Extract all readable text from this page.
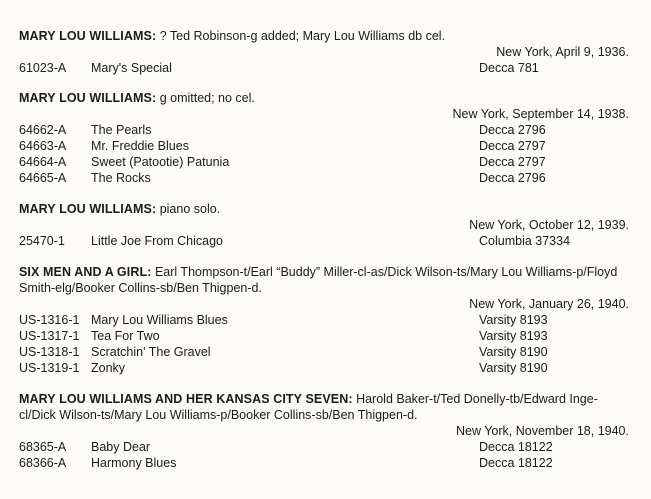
MARY LOU WILLIAMS: ? Ted Robinson-g added; Mary Lou Williams db cel.
New York, April 9, 1936.
61023-A Mary's Special	Decca 781
MARY LOU WILLIAMS: g omitted; no cel.
New York, September 14, 1938.
64662-A The Pearls	Decca 2796
64663-A Mr. Freddie Blues	Decca 2797
64664-A Sweet (Patootie) Patunia	Decca 2797
64665-A The Rocks	Decca 2796
MARY LOU WILLIAMS: piano solo.
New York, October 12, 1939.
25470-1 Little Joe From Chicago	Columbia 37334
SIX MEN AND A GIRL: Earl Thompson-t/Earl “Buddy” Miller-cl-as/Dick Wilson-ts/Mary Lou Williams-p/Floyd Smith-elg/Booker Collins-sb/Ben Thigpen-d.
New York, January 26, 1940.
US-1316-1 Mary Lou Williams Blues	Varsity 8193
US-1317-1 Tea For Two	Varsity 8193
US-1318-1 Scratchin' The Gravel	Varsity 8190
US-1319-1 Zonky	Varsity 8190
MARY LOU WILLIAMS AND HER KANSAS CITY SEVEN: Harold Baker-t/Ted Donelly-tb/Edward Inge-cl/Dick Wilson-ts/Mary Lou Williams-p/Booker Collins-sb/Ben Thigpen-d.
New York, November 18, 1940.
68365-A Baby Dear	Decca 18122
68366-A Harmony Blues	Decca 18122
